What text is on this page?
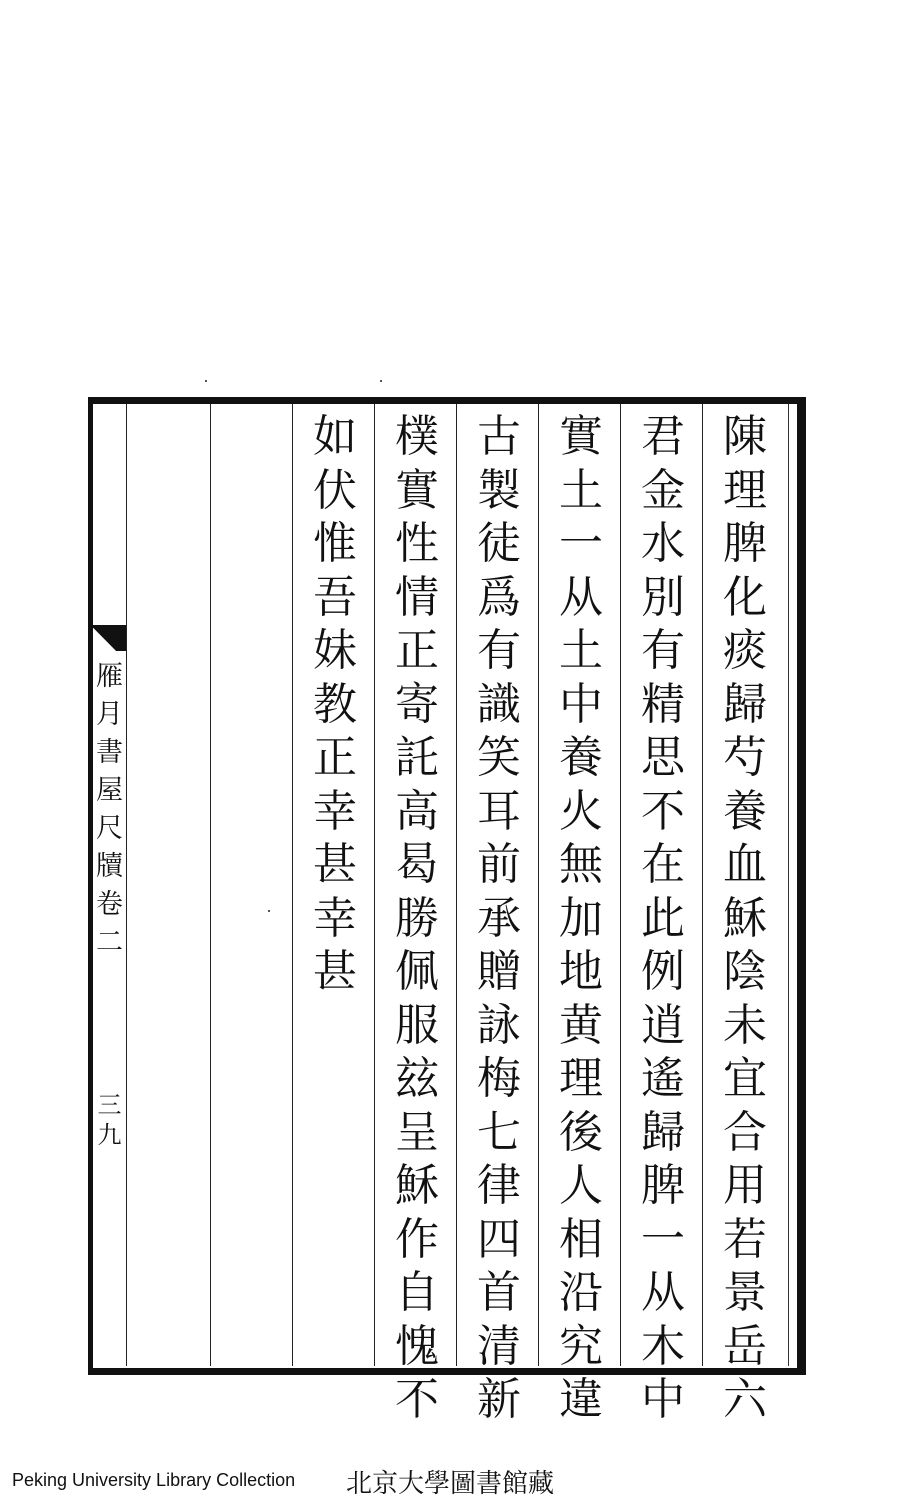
雁
月
書
屋
尺
牘
卷
二
三
九
陳
理
脾
化
痰
歸
芍
養
血
穌
陰
未
宜
合
用
若
景
岳
六
君
金
水
別
有
精
思
不
在
此
例
逍
遙
歸
脾
一
从
木
中
實
土
一
从
土
中
養
火
無
加
地
黄
理
後
人
相
沿
究
違
古
製
徒
爲
有
識
笑
耳
前
承
贈
詠
梅
七
律
四
首
清
新
樸
實
性
情
正
寄
託
高
曷
勝
佩
服
玆
呈
穌
作
自
愧
不
如
伏
惟
吾
妹
教
正
幸
甚
幸
甚
Peking University Library Collection 北京大學圖書館藏
